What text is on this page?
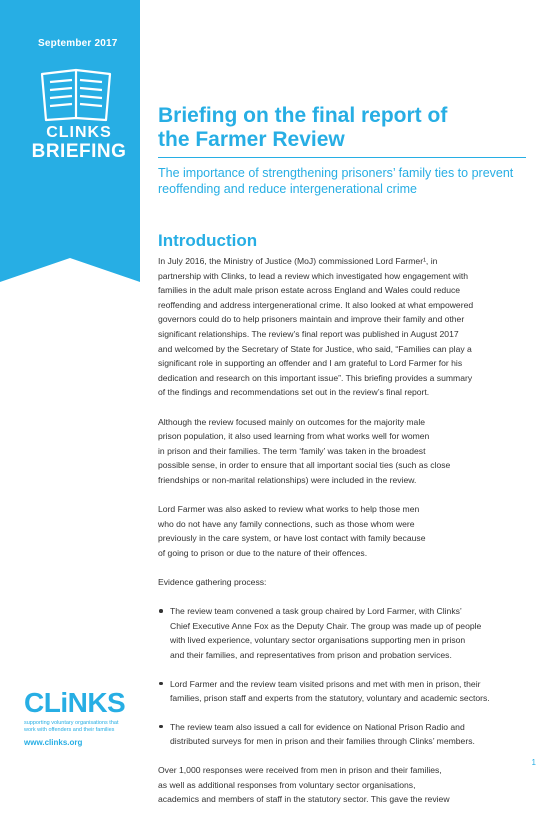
September 2017
CLINKS
BRIEFING
CLiNKS
supporting voluntary organisations that work with offenders and their families
www.clinks.org
Briefing on the final report of
the Farmer Review
The importance of strengthening prisoners’ family ties to prevent
reoffending and reduce intergenerational crime
Introduction

In July 2016, the Ministry of Justice (MoJ) commissioned Lord Farmer¹, in
partnership with Clinks, to lead a review which investigated how engagement with
families in the adult male prison estate across England and Wales could reduce
reoffending and address intergenerational crime. It also looked at what empowered
governors could do to help prisoners maintain and improve their family and other
significant relationships. The review’s final report was published in August 2017
and welcomed by the Secretary of State for Justice, who said, “Families can play a
significant role in supporting an offender and I am grateful to Lord Farmer for his
dedication and research on this important issue”. This briefing provides a summary
of the findings and recommendations set out in the review’s final report.

Although the review focused mainly on outcomes for the majority male
prison population, it also used learning from what works well for women
in prison and their families. The term ‘family’ was taken in the broadest
possible sense, in order to ensure that all important social ties (such as close
friendships or non-marital relationships) were included in the review.

Lord Farmer was also asked to review what works to help those men
who do not have any family connections, such as those whom were
previously in the care system, or have lost contact with family because
of going to prison or due to the nature of their offences.

Evidence gathering process:

The review team convened a task group chaired by Lord Farmer, with Clinks’
Chief Executive Anne Fox as the Deputy Chair. The group was made up of people
with lived experience, voluntary sector organisations supporting men in prison
and their families, and representatives from prison and probation services.
Lord Farmer and the review team visited prisons and met with men in prison, their
families, prison staff and experts from the statutory, voluntary and academic sectors.
The review team also issued a call for evidence on National Prison Radio and
distributed surveys for men in prison and their families through Clinks’ members.

Over 1,000 responses were received from men in prison and their families,
as well as additional responses from voluntary sector organisations,
academics and members of staff in the statutory sector. This gave the review

1
